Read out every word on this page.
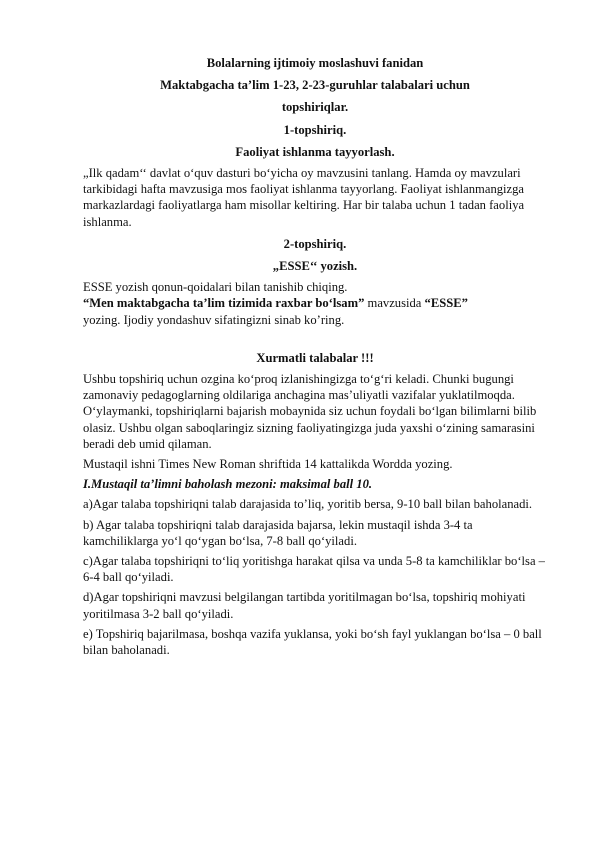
Bolalarning ijtimoiy moslashuvi fanidan

Maktabgacha ta’lim 1-23, 2-23-guruhlar talabalari uchun

topshiriqlar.

1-topshiriq.

Faoliyat ishlanma tayyorlash.

„Ilk qadam‘‘ davlat o‘quv dasturi bo‘yicha oy mavzusini tanlang. Hamda oy mavzulari tarkibidagi hafta mavzusiga mos faoliyat ishlanma tayyorlang. Faoliyat ishlanmangizga markazlardagi faoliyatlarga ham misollar keltiring. Har bir talaba uchun 1 tadan faoliya ishlanma.

2-topshiriq.

„ESSE‘‘ yozish.

ESSE yozish qonun-qoidalari bilan tanishib chiqing.

“Men maktabgacha ta’lim tizimida raxbar bo‘lsam” mavzusida “ESSE”

yozing. Ijodiy yondashuv sifatingizni sinab ko’ring.

Xurmatli talabalar !!!

Ushbu topshiriq uchun ozgina ko‘proq izlanishingizga to‘g‘ri keladi. Chunki bugungi zamonaviy pedagoglarning oldilariga anchagina mas’uliyatli vazifalar yuklatilmoqda. O‘ylaymanki, topshiriqlarni bajarish mobaynida siz uchun foydali bo‘lgan bilimlarni bilib olasiz. Ushbu olgan saboqlaringiz sizning faoliyatingizga juda yaxshi o‘zining samarasini beradi deb umid qilaman.

Mustaqil ishni Times New Roman shriftida 14 kattalikda Wordda yozing.

I.Mustaqil ta’limni baholash mezoni: maksimal ball 10.

a)Agar talaba topshiriqni talab darajasida to’liq, yoritib bersa, 9-10 ball bilan baholanadi.

b) Agar talaba topshiriqni talab darajasida bajarsa, lekin mustaqil ishda 3-4 ta kamchiliklarga yo‘l qo‘ygan bo‘lsa, 7-8 ball qo‘yiladi.

c)Agar talaba topshiriqni to‘liq yoritishga harakat qilsa va unda 5-8 ta kamchiliklar bo‘lsa – 6-4 ball qo‘yiladi.

d)Agar topshiriqni mavzusi belgilangan tartibda yoritilmagan bo‘lsa, topshiriq mohiyati yoritilmasa 3-2 ball qo‘yiladi.

e) Topshiriq bajarilmasa, boshqa vazifa yuklansa, yoki bo‘sh fayl yuklangan bo‘lsa – 0 ball bilan baholanadi.
